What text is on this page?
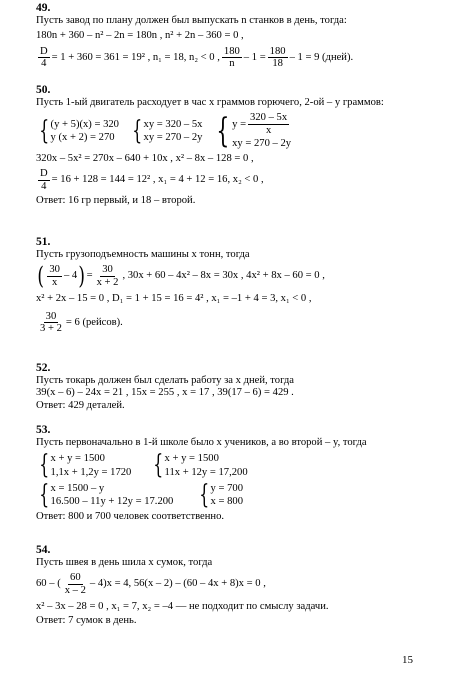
49.
Пусть завод по плану должен был выпускать n станков в день, тогда:
180n + 360 – n² – 2n = 180n , n² + 2n – 360 = 0 ,
$\frac{D}{4} = 1 + 360 = 361 = 19^2$ , n₁ = 18, n₂ < 0 , $\frac{180}{n} - 1 = \frac{180}{18} - 1 = 9$ (дней).
50.
Пусть 1-ый двигатель расходует в час x граммов горючего, 2-ой – y граммов:
{ (y + 5)(x) = 320
y (x + 2) = 270 { xy = 320 – 5x
xy = 270 – 2y { $y = \frac{320 - 5x}{x}$
xy = 270 – 2y
320x – 5x² = 270x – 640 + 10x , x² – 8x – 128 = 0 ,
$\frac{D}{4} = 16 + 128 = 144 = 12^2$ , x₁ = 4 + 12 = 16, x₂ < 0 ,
Ответ: 16 гр первый, и 18 – второй.
51.
Пусть грузоподъемность машины x тонн, тогда
( $\frac{30}{x} - 4$ ) = $\frac{30}{x + 2}$ , 30x + 60 – 4x² – 8x = 30x , 4x² + 8x – 60 = 0 ,
x² + 2x – 15 = 0 , D₁ = 1 + 15 = 16 = 4² , x₁ = –1 + 4 = 3, x₁ < 0 ,
$\frac{30}{3 + 2} = 6$ (рейсов).
52.
Пусть токарь должен был сделать работу за x дней, тогда
39(x – 6) – 24x = 21 , 15x = 255 , x = 17 , 39(17 – 6) = 429 .
Ответ: 429 деталей.
53.
Пусть первоначально в 1-й школе было x учеников, а во второй – y, тогда
{ x + y = 1500
1,1x + 1,2y = 1720 { x + y = 1500
11x + 12y = 17,200
{ x = 1500 – y
16.500 – 11y + 12y = 17.200 { y = 700
x = 800
Ответ: 800 и 700 человек соответственно.
54.
Пусть швея в день шила x сумок, тогда
60 – ( $\frac{60}{x - 2} - 4)x = 4$, 56(x – 2) – (60 – 4x + 8)x = 0 ,
x² – 3x – 28 = 0 , x₁ = 7, x₂ = –4 — не подходит по смыслу задачи.
Ответ: 7 сумок в день.
15
